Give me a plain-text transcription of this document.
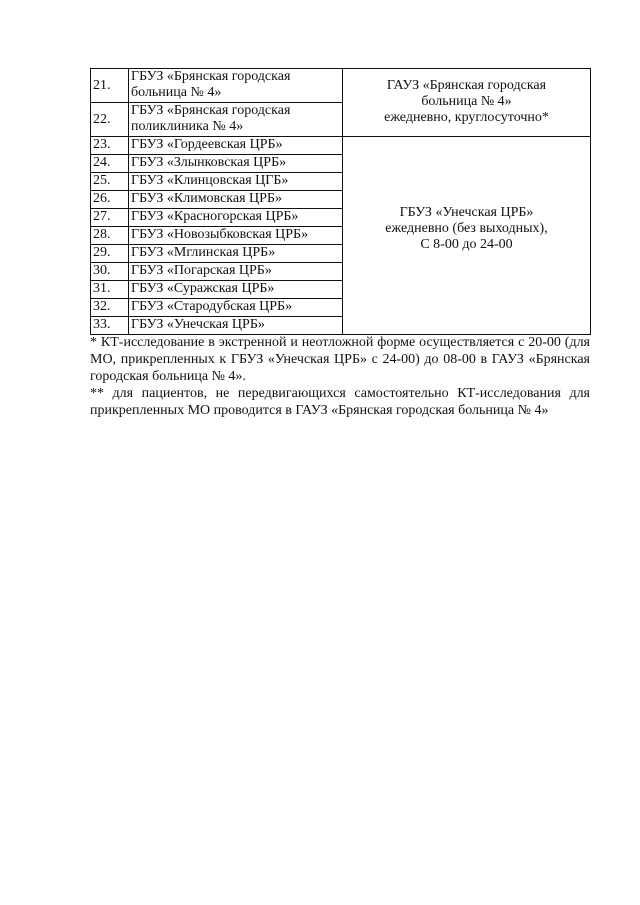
21.	ГБУЗ «Брянская городская больница № 4»	ГАУЗ «Брянская городская
больница № 4»
ежедневно, круглосуточно*

22.	ГБУЗ «Брянская городская поликлиника № 4»	
23.	ГБУЗ «Гордеевская ЦРБ»	ГБУЗ «Унечская ЦРБ»
ежедневно (без выходных),
С 8-00 до 24-00

24.	ГБУЗ «Злынковская ЦРБ»	
25.	ГБУЗ «Клинцовская ЦГБ»	
26.	ГБУЗ «Климовская ЦРБ»	
27.	ГБУЗ «Красногорская ЦРБ»	
28.	ГБУЗ «Новозыбковская ЦРБ»	
29.	ГБУЗ «Мглинская ЦРБ»	
30.	ГБУЗ «Погарская ЦРБ»	
31.	ГБУЗ «Суражская ЦРБ»	
32.	ГБУЗ «Стародубская ЦРБ»	
33.	ГБУЗ «Унечская ЦРБ»	

* КТ-исследование в экстренной и неотложной форме осуществляется с 20-00 (для МО, прикрепленных к ГБУЗ «Унечская ЦРБ» с 24-00) до 08-00 в ГАУЗ «Брянская городская больница № 4».

** для пациентов, не передвигающихся самостоятельно КТ-исследования для прикрепленных МО проводится в ГАУЗ «Брянская городская больница № 4»
